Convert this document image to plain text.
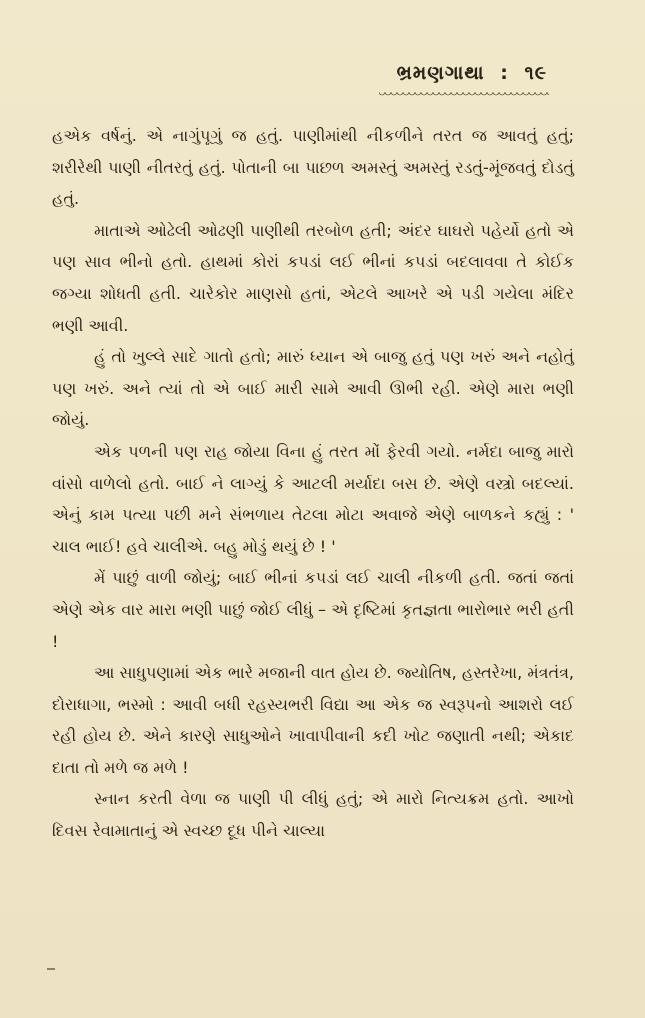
ભ્રમણગાથા : ૧૯

હએક વર્ષનું. એ નાગુંપૂગું જ હતું. પાણીમાંથી નીકળીને તરત જ આવતું હતું; શરીરેથી પાણી નીતરતું હતું. પોતાની બા પાછળ અમસ્તું અમસ્તું રડતું-મૂંજવતું દોડતું હતું.

માતાએ ઓઢેલી ઓઢણી પાણીથી તરબોળ હતી; અંદર ઘાઘરો પહેર્યો હતો એ પણ સાવ ભીનો હતો. હાથમાં કોરાં કપડાં લઈ ભીનાં કપડાં બદલાવવા તે કોઈક જગ્યા શોધતી હતી. ચારેકોર માણસો હતાં, એટલે આખરે એ પડી ગયેલા મંદિર ભણી આવી.

હું તો ખુલ્લે સાદે ગાતો હતો; મારું ધ્યાન એ બાજુ હતું પણ ખરું અને નહોતું પણ ખરું. અને ત્યાં તો એ બાઈ મારી સામે આવી ઊભી રહી. એણે મારા ભણી જોયું.

એક પળની પણ રાહ જોયા વિના હું તરત મોં ફેરવી ગયો. નર્મદા બાજુ મારો વાંસો વાળેલો હતો. બાઈ ને લાગ્યું કે આટલી મર્યાદા બસ છે. એણે વસ્ત્રો બદલ્યાં. એનું કામ પત્યા પછી મને સંભળાય તેટલા મોટા અવાજે એણે બાળકને કહ્યું : ' ચાલ ભાઈ! હવે ચાલીએ. બહુ મોડું થયું છે ! '

મેં પાછું વાળી જોયું; બાઈ ભીનાં કપડાં લઈ ચાલી નીકળી હતી. જતાં જતાં એણે એક વાર મારા ભણી પાછું જોઈ લીધું – એ દૃષ્ટિમાં કૃતજ્ઞતા ભારોભાર ભરી હતી !

આ સાધુપણામાં એક ભારે મજાની વાત હોય છે. જ્યોતિષ, હસ્તરેખા, મંત્રતંત્ર, દોરાધાગા, ભસ્મો : આવી બધી રહસ્યભરી વિદ્યા આ એક જ સ્વરૂપનો આશરો લઈ રહી હોય છે. એને કારણે સાધુઓને ખાવાપીવાની કદી ખોટ જણાતી નથી; એકાદ દાતા તો મળે જ મળે !

સ્નાન કરતી વેળા જ પાણી પી લીધું હતું; એ મારો નિત્યક્રમ હતો. આખો દિવસ રેવામાતાનું એ સ્વચ્છ દૂધ પીને ચાલ્યા
